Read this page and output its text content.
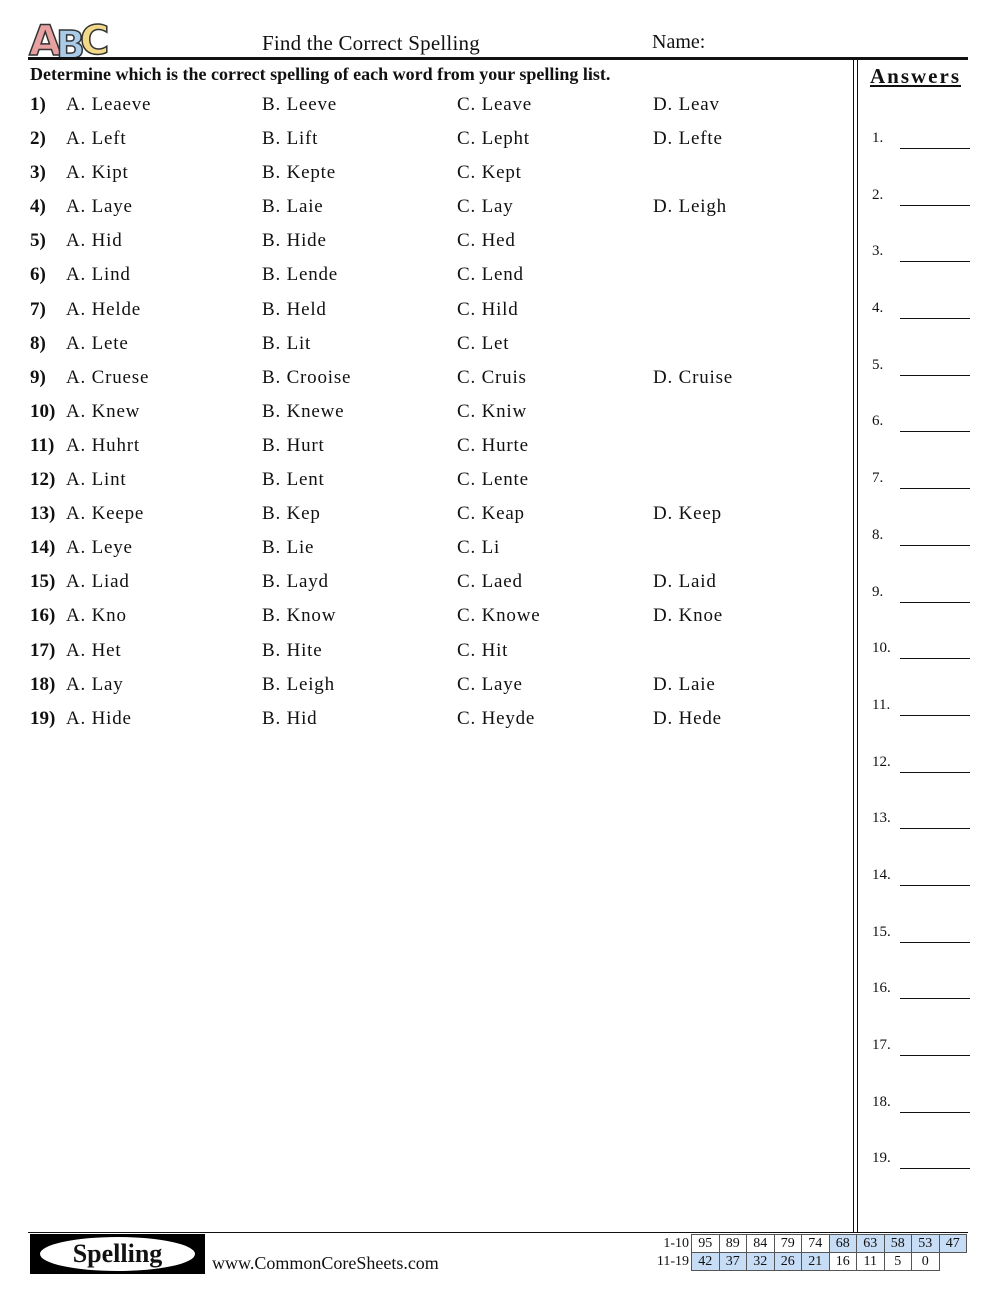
A
B
C	Find the Correct Spelling	Name:
Determine which is the correct spelling of each word from your spelling list.
1) A. Leaeve	B. Leeve	C. Leave	D. Leav
2) A. Left	B. Lift	C. Lepht	D. Lefte
3) A. Kipt	B. Kepte	C. Kept
4) A. Laye	B. Laie	C. Lay	D. Leigh
5) A. Hid	B. Hide	C. Hed
6) A. Lind	B. Lende	C. Lend
7) A. Helde	B. Held	C. Hild
8) A. Lete	B. Lit	C. Let
9) A. Cruese	B. Crooise	C. Cruis	D. Cruise
10) A. Knew	B. Knewe	C. Kniw
11) A. Huhrt	B. Hurt	C. Hurte
12) A. Lint	B. Lent	C. Lente
13) A. Keepe	B. Kep	C. Keap	D. Keep
14) A. Leye	B. Lie	C. Li
15) A. Liad	B. Layd	C. Laed	D. Laid
16) A. Kno	B. Know	C. Knowe	D. Knoe
17) A. Het	B. Hite	C. Hit
18) A. Lay	B. Leigh	C. Laye	D. Laie
19) A. Hide	B. Hid	C. Heyde	D. Hede
Answers
1.
2.
3.
4.
5.
6.
7.
8.
9.
10.
11.
12.
13.
14.
15.
16.
17.
18.
19.
Spelling	www.CommonCoreSheets.com
1-10	95	89	84	79	74	68	63	58	53	47
11-19	42	37	32	26	21	16	11	5	0	
